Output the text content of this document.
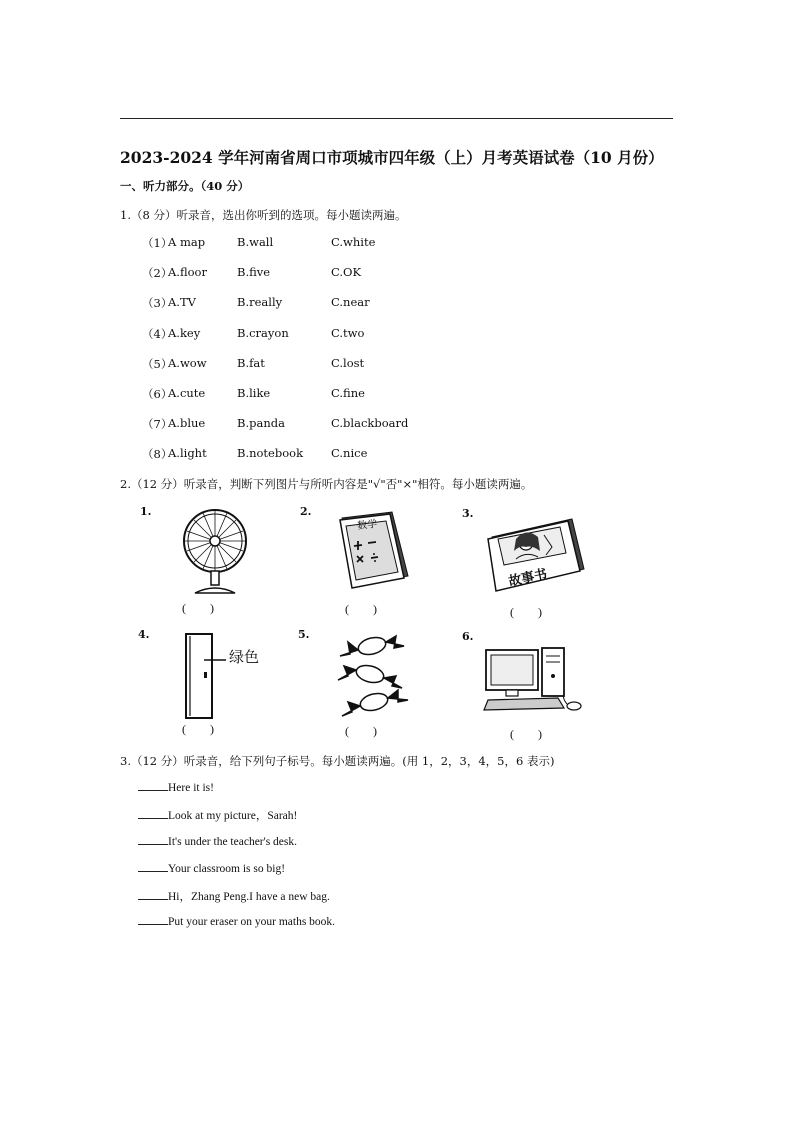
2023-2024 学年河南省周口市项城市四年级（上）月考英语试卷（10 月份）
一、听力部分。（40 分）
1.（8 分）听录音，选出你听到的选项。每小题读两遍。
（1）
A map	B.wall	C.white
（2）
A.floor	B.five	C.OK
（3）
A.TV	B.really	C.near
（4）
A.key	B.crayon	C.two
（5）
A.wow	B.fat	C.lost
（6）
A.cute	B.like	C.fine
（7）
A.blue	B.panda	C.blackboard
（8）
A.light	B.notebook C.nice
2.（12 分）听录音，判断下列图片与所听内容是"√"否"×"相符。每小题读两遍。
1.
(        )
2.
数学
(        )
3.
故事书
(        )
4.
绿色
(        )
5.
(        )
6.
(        )
3.（12 分）听录音，给下列句子标号。每小题读两遍。(用 1，2，3，4，5，6 表示)
Here it is!
Look at my picture，Sarah!
It's under the teacher's desk.
Your classroom is so big!
Hi，Zhang Peng.I have a new bag.
Put your eraser on your maths book.
